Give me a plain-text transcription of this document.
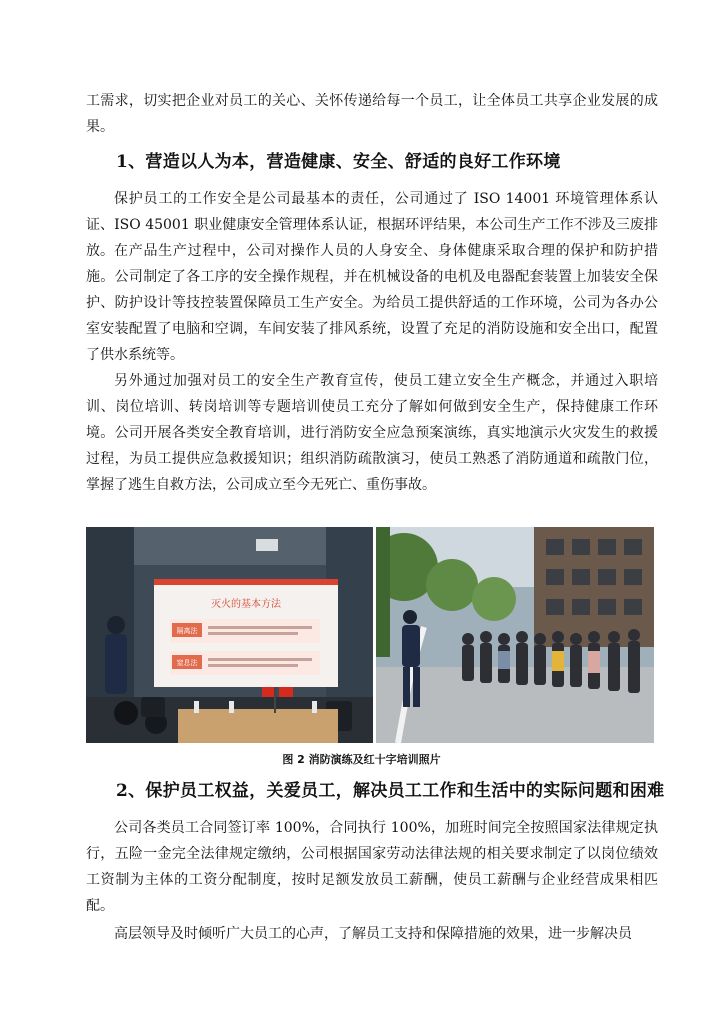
工需求，切实把企业对员工的关心、关怀传递给每一个员工，让全体员工共享企业发展的成果。

1、营造以人为本，营造健康、安全、舒适的良好工作环境

保护员工的工作安全是公司最基本的责任，公司通过了 ISO 14001 环境管理体系认证、ISO 45001 职业健康安全管理体系认证，根据环评结果，本公司生产工作不涉及三废排放。 在产品生产过程中，公司对操作人员的人身安全、身体健康采取合理的保护和防护措施。公司制定了各工序的安全操作规程，并在机械设备的电机及电器配套装置上加装安全保护、防护设计等技控装置保障员工生产安全。为给员工提供舒适的工作环境，公司为各办公室安装配置了电脑和空调，车间安装了排风系统，设置了充足的消防设施和安全出口，配置了供水系统等。

另外通过加强对员工的安全生产教育宣传，使员工建立安全生产概念，并通过入职培训、岗位培训、转岗培训等专题培训使员工充分了解如何做到安全生产，保持健康工作环境。公司开展各类安全教育培训，进行消防安全应急预案演练，真实地演示火灾发生的救援过程，为员工提供应急救援知识；组织消防疏散演习，使员工熟悉了消防通道和疏散门位，掌握了逃生自救方法，公司成立至今无死亡、重伤事故。

灭火的基本方法
隔离法
窒息法

图 2 消防演练及红十字培训照片

2、保护员工权益，关爱员工，解决员工工作和生活中的实际问题和困难

公司各类员工合同签订率 100%，合同执行 100%，加班时间完全按照国家法律规定执行，五险一金完全法律规定缴纳，公司根据国家劳动法律法规的相关要求制定了以岗位绩效工资制为主体的工资分配制度，按时足额发放员工薪酬，使员工薪酬与企业经营成果相匹配。

高层领导及时倾听广大员工的心声，了解员工支持和保障措施的效果，进一步解决员
